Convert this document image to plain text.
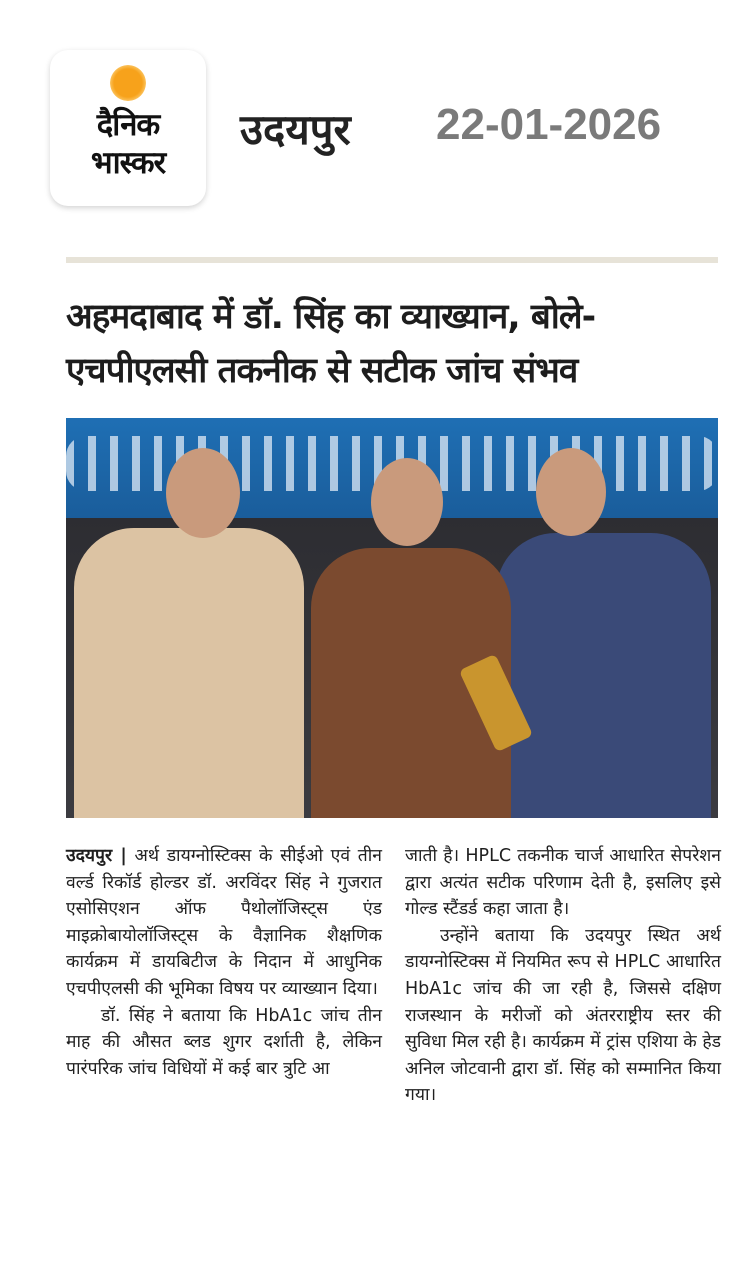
दैनिक
भास्कर
उदयपुर 22-01-2026
अहमदाबाद में डॉ. सिंह का व्याख्यान, बोले-
एचपीएलसी तकनीक से सटीक जांच संभव

उदयपुर | अर्थ डायग्नोस्टिक्स के सीईओ एवं तीन वर्ल्ड रिकॉर्ड होल्डर डॉ. अरविंदर सिंह ने गुजरात एसोसिएशन ऑफ पैथोलॉजिस्ट्स एंड माइक्रोबायोलॉजिस्ट्स के वैज्ञानिक शैक्षणिक कार्यक्रम में डायबिटीज के निदान में आधुनिक एचपीएलसी की भूमिका विषय पर व्याख्यान दिया।

डॉ. सिंह ने बताया कि HbA1c जांच तीन माह की औसत ब्लड शुगर दर्शाती है, लेकिन पारंपरिक जांच विधियों में कई बार त्रुटि आ

जाती है। HPLC तकनीक चार्ज आधारित सेपरेशन द्वारा अत्यंत सटीक परिणाम देती है, इसलिए इसे गोल्ड स्टैंडर्ड कहा जाता है।

उन्होंने बताया कि उदयपुर स्थित अर्थ डायग्नोस्टिक्स में नियमित रूप से HPLC आधारित HbA1c जांच की जा रही है, जिससे दक्षिण राजस्थान के मरीजों को अंतरराष्ट्रीय स्तर की सुविधा मिल रही है। कार्यक्रम में ट्रांस एशिया के हेड अनिल जोटवानी द्वारा डॉ. सिंह को सम्मानित किया गया।
